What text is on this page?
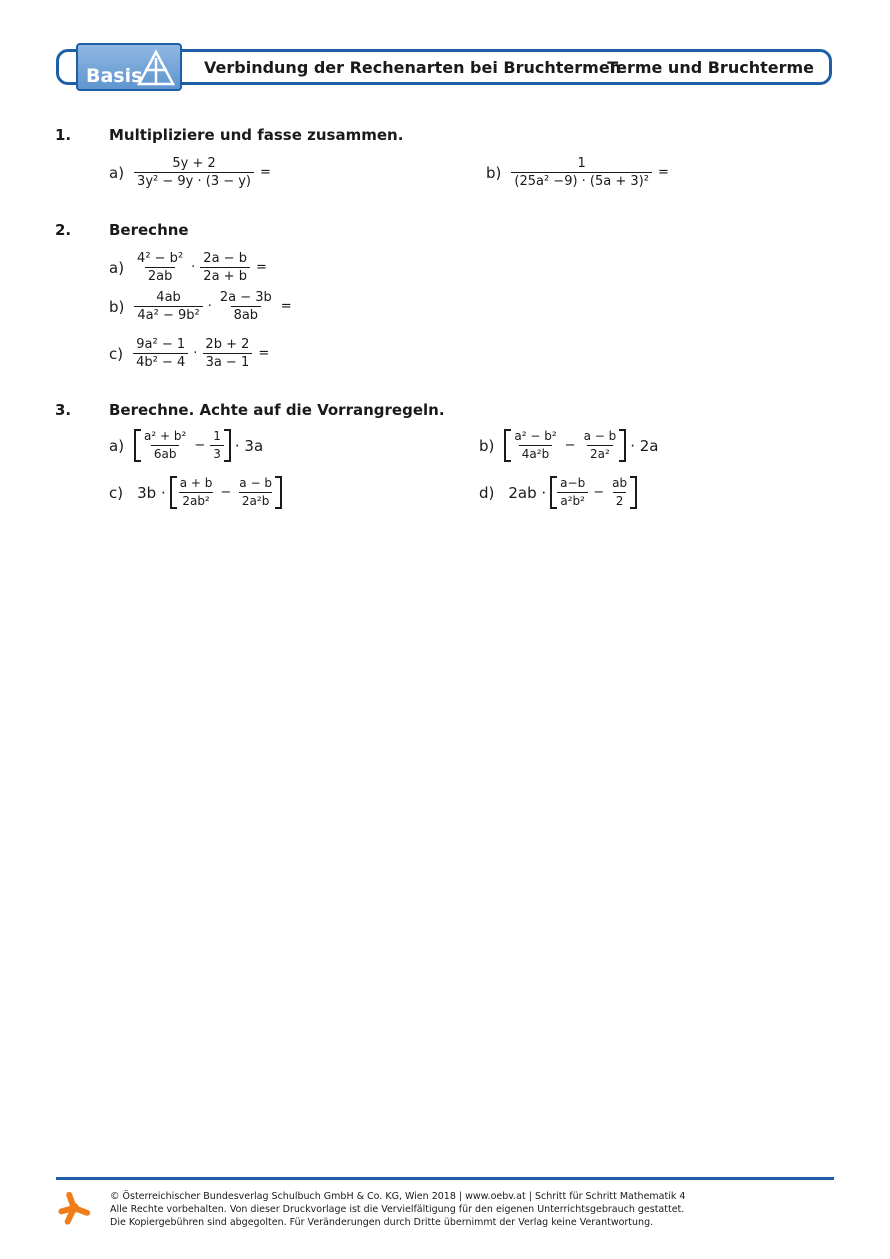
Basis	Verbindung der Rechenarten bei Bruchtermen
Terme und Bruchterme
1.	Multipliziere und fasse zusammen.
$a) \frac{5y + 2}{\text{3y² − 9y · (3 − y)}}$ =	$b) \frac{1}{\text{(25a² −9) · (5a + 3)²}}$ =
2.	Berechne
$a) \frac{\text{4² − b²}}{2ab} \cdot \frac{2a - b}{2a + b}$ =
$b) \frac{4ab}{\text{4a² − 9b²}} \cdot \frac{2a - 3b}{8ab}$ =
$c) \frac{\text{9a² − 1}}{\text{4b² − 4}} \cdot \frac{2b + 2}{3a - 1}$ =
3.	Berechne. Achte auf die Vorrangregeln.
$a) \frac{\text{a² + b²}}{6ab} - \frac{1}{3} \cdot 3a$	$b) \frac{\text{a² − b²}}{\text{4a²b}} - \frac{a - b}{\text{2a²}} \cdot 2a$
c) $3b \cdot \frac{a + b}{\text{2ab²}} - \frac{a - b}{\text{2a²b}}$	d) $2ab \cdot \frac{a-b}{\text{a²b²}} - \frac{ab}{2}$
© Österreichischer Bundesverlag Schulbuch GmbH & Co. KG, Wien 2018 | www.oebv.at | Schritt für Schritt Mathematik 4
Alle Rechte vorbehalten. Von dieser Druckvorlage ist die Vervielfältigung für den eigenen Unterrichtsgebrauch gestattet.
Die Kopiergebühren sind abgegolten. Für Veränderungen durch Dritte übernimmt der Verlag keine Verantwortung.
